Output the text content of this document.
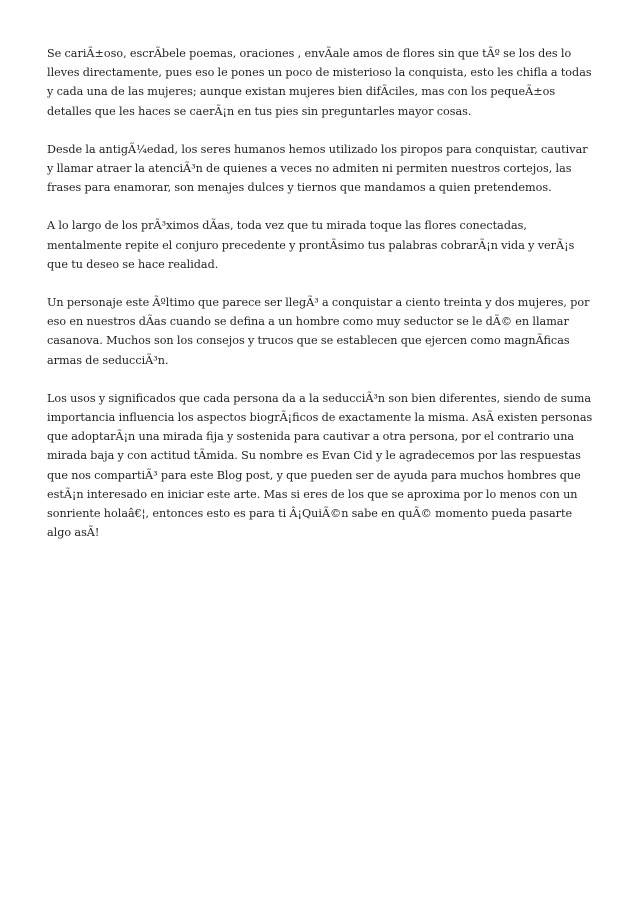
Se cariÃ±oso, escrÃbele poemas, oraciones , envÃale amos de flores sin que tÃº se los des lo lleves directamente, pues eso le pones un poco de misterioso la conquista, esto les chifla a todas y cada una de las mujeres; aunque existan mujeres bien difÃciles, mas con los pequeÃ±os detalles que les haces se caerÃ¡n en tus pies sin preguntarles mayor cosas.

Desde la antigÃ¼edad, los seres humanos hemos utilizado los piropos para conquistar, cautivar y llamar atraer la atenciÃ³n de quienes a veces no admiten ni permiten nuestros cortejos, las frases para enamorar, son menajes dulces y tiernos que mandamos a quien pretendemos.

A lo largo de los prÃ³ximos dÃas, toda vez que tu mirada toque las flores conectadas, mentalmente repite el conjuro precedente y prontÃsimo tus palabras cobrarÃ¡n vida y verÃ¡s que tu deseo se hace realidad.

Un personaje este Ãºltimo que parece ser llegÃ³ a conquistar a ciento treinta y dos mujeres, por eso en nuestros dÃas cuando se defina a un hombre como muy seductor se le dÃ© en llamar casanova. Muchos son los consejos y trucos que se establecen que ejercen como magnÃficas armas de seducciÃ³n.

Los usos y significados que cada persona da a la seducciÃ³n son bien diferentes, siendo de suma importancia influencia los aspectos biogrÃ¡ficos de exactamente la misma. AsÃ existen personas que adoptarÃ¡n una mirada fija y sostenida para cautivar a otra persona, por el contrario una mirada baja y con actitud tÃmida. Su nombre es Evan Cid y le agradecemos por las respuestas que nos compartiÃ³ para este Blog post, y que pueden ser de ayuda para muchos hombres que estÃ¡n interesado en iniciar este arte. Mas si eres de los que se aproxima por lo menos con un sonriente holaâ€¦, entonces esto es para ti Â¡QuiÃ©n sabe en quÃ© momento pueda pasarte algo asÃ!
